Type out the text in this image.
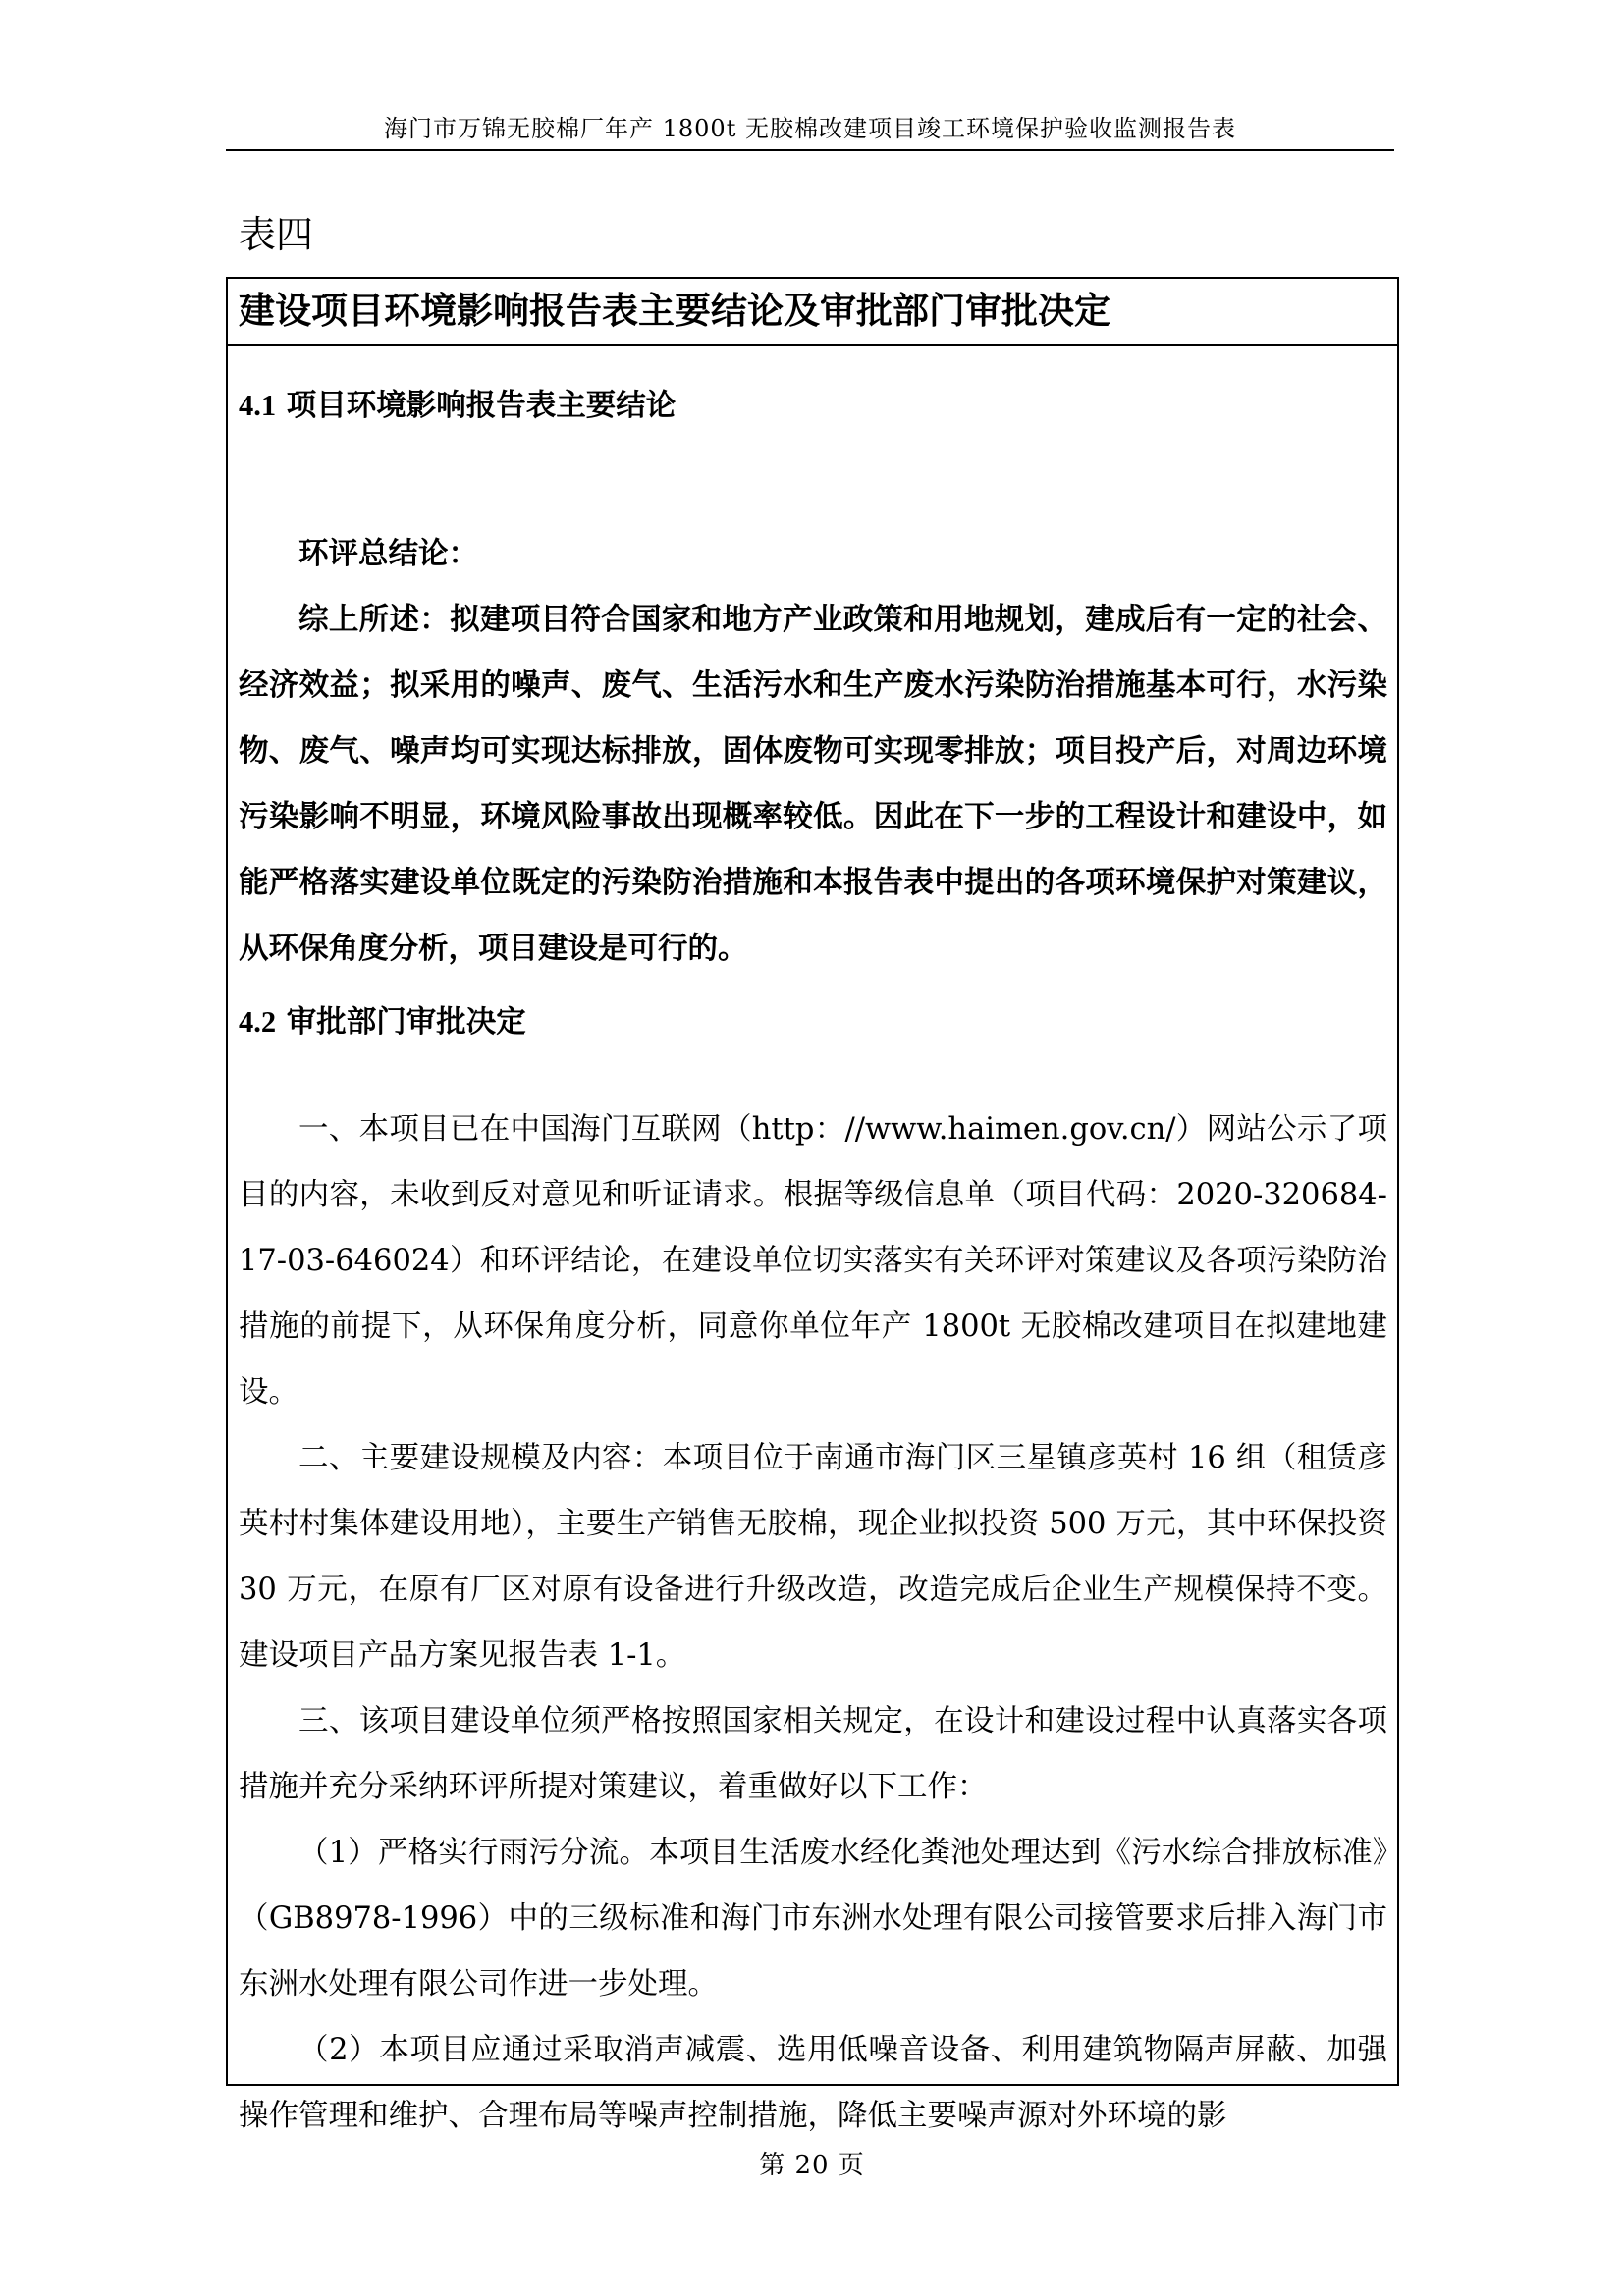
海门市万锦无胶棉厂年产 1800t 无胶棉改建项目竣工环境保护验收监测报告表
表四
建设项目环境影响报告表主要结论及审批部门审批决定

4.1 项目环境影响报告表主要结论

环评总结论：

综上所述：拟建项目符合国家和地方产业政策和用地规划，建成后有一定的社会、经济效益；拟采用的噪声、废气、生活污水和生产废水污染防治措施基本可行，水污染物、废气、噪声均可实现达标排放，固体废物可实现零排放；项目投产后，对周边环境污染影响不明显，环境风险事故出现概率较低。因此在下一步的工程设计和建设中，如能严格落实建设单位既定的污染防治措施和本报告表中提出的各项环境保护对策建议，从环保角度分析，项目建设是可行的。

4.2 审批部门审批决定

一、本项目已在中国海门互联网（http：//www.haimen.gov.cn/）网站公示了项目的内容，未收到反对意见和听证请求。根据等级信息单（项目代码：2020-320684-17-03-646024）和环评结论，在建设单位切实落实有关环评对策建议及各项污染防治措施的前提下，从环保角度分析，同意你单位年产 1800t 无胶棉改建项目在拟建地建设。

二、主要建设规模及内容：本项目位于南通市海门区三星镇彦英村 16 组（租赁彦英村村集体建设用地），主要生产销售无胶棉，现企业拟投资 500 万元，其中环保投资 30 万元，在原有厂区对原有设备进行升级改造，改造完成后企业生产规模保持不变。建设项目产品方案见报告表 1-1。

三、该项目建设单位须严格按照国家相关规定，在设计和建设过程中认真落实各项措施并充分采纳环评所提对策建议，着重做好以下工作：

（1）严格实行雨污分流。本项目生活废水经化粪池处理达到《污水综合排放标准》（GB8978-1996）中的三级标准和海门市东洲水处理有限公司接管要求后排入海门市东洲水处理有限公司作进一步处理。

（2）本项目应通过采取消声减震、选用低噪音设备、利用建筑物隔声屏蔽、加强操作管理和维护、合理布局等噪声控制措施，降低主要噪声源对外环境的影

第 20 页
